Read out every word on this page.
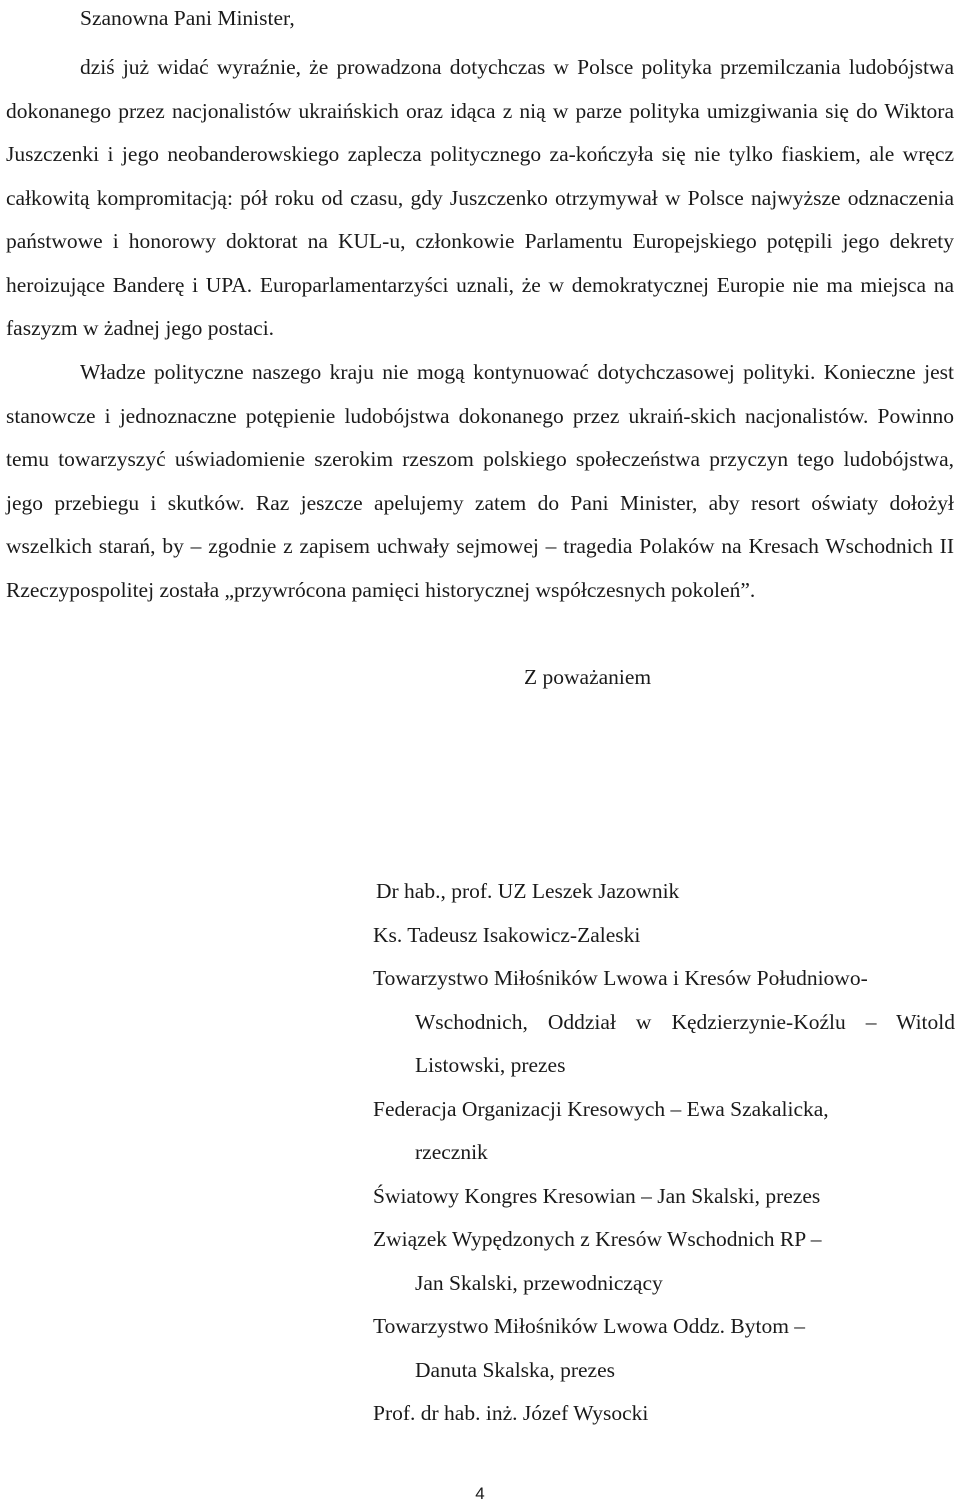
Szanowna Pani Minister,
dziś już widać wyraźnie, że prowadzona dotychczas w Polsce polityka przemilczania ludobójstwa dokonanego przez nacjonalistów ukraińskich oraz idąca z nią w parze polityka umizgiwania się do Wiktora Juszczenki i jego neobanderowskiego zaplecza politycznego za-kończyła się nie tylko fiaskiem, ale wręcz całkowitą kompromitacją: pół roku od czasu, gdy Juszczenko otrzymywał w Polsce najwyższe odznaczenia państwowe i honorowy doktorat na KUL-u, członkowie Parlamentu Europejskiego potępili jego dekrety heroizujące Banderę i UPA. Europarlamentarzyści uznali, że w demokratycznej Europie nie ma miejsca na faszyzm w żadnej jego postaci.
Władze polityczne naszego kraju nie mogą kontynuować dotychczasowej polityki. Konieczne jest stanowcze i jednoznaczne potępienie ludobójstwa dokonanego przez ukraiń-skich nacjonalistów. Powinno temu towarzyszyć uświadomienie szerokim rzeszom polskiego społeczeństwa przyczyn tego ludobójstwa, jego przebiegu i skutków. Raz jeszcze apelujemy zatem do Pani Minister, aby resort oświaty dołożył wszelkich starań, by – zgodnie z zapisem uchwały sejmowej – tragedia Polaków na Kresach Wschodnich II Rzeczypospolitej została „przywrócona pamięci historycznej współczesnych pokoleń”.
Z poważaniem
Dr hab., prof. UZ Leszek Jazownik
Ks. Tadeusz Isakowicz-Zaleski
Towarzystwo Miłośników Lwowa i Kresów Południowo-
Wschodnich, Oddział w Kędzierzynie-Koźlu – Witold Listowski, prezes
Federacja Organizacji Kresowych – Ewa Szakalicka,
rzecznik
Światowy Kongres Kresowian – Jan Skalski, prezes
Związek Wypędzonych z Kresów Wschodnich RP –
Jan Skalski, przewodniczący
Towarzystwo Miłośników Lwowa Oddz. Bytom –
Danuta Skalska, prezes
Prof. dr hab. inż. Józef Wysocki
4
